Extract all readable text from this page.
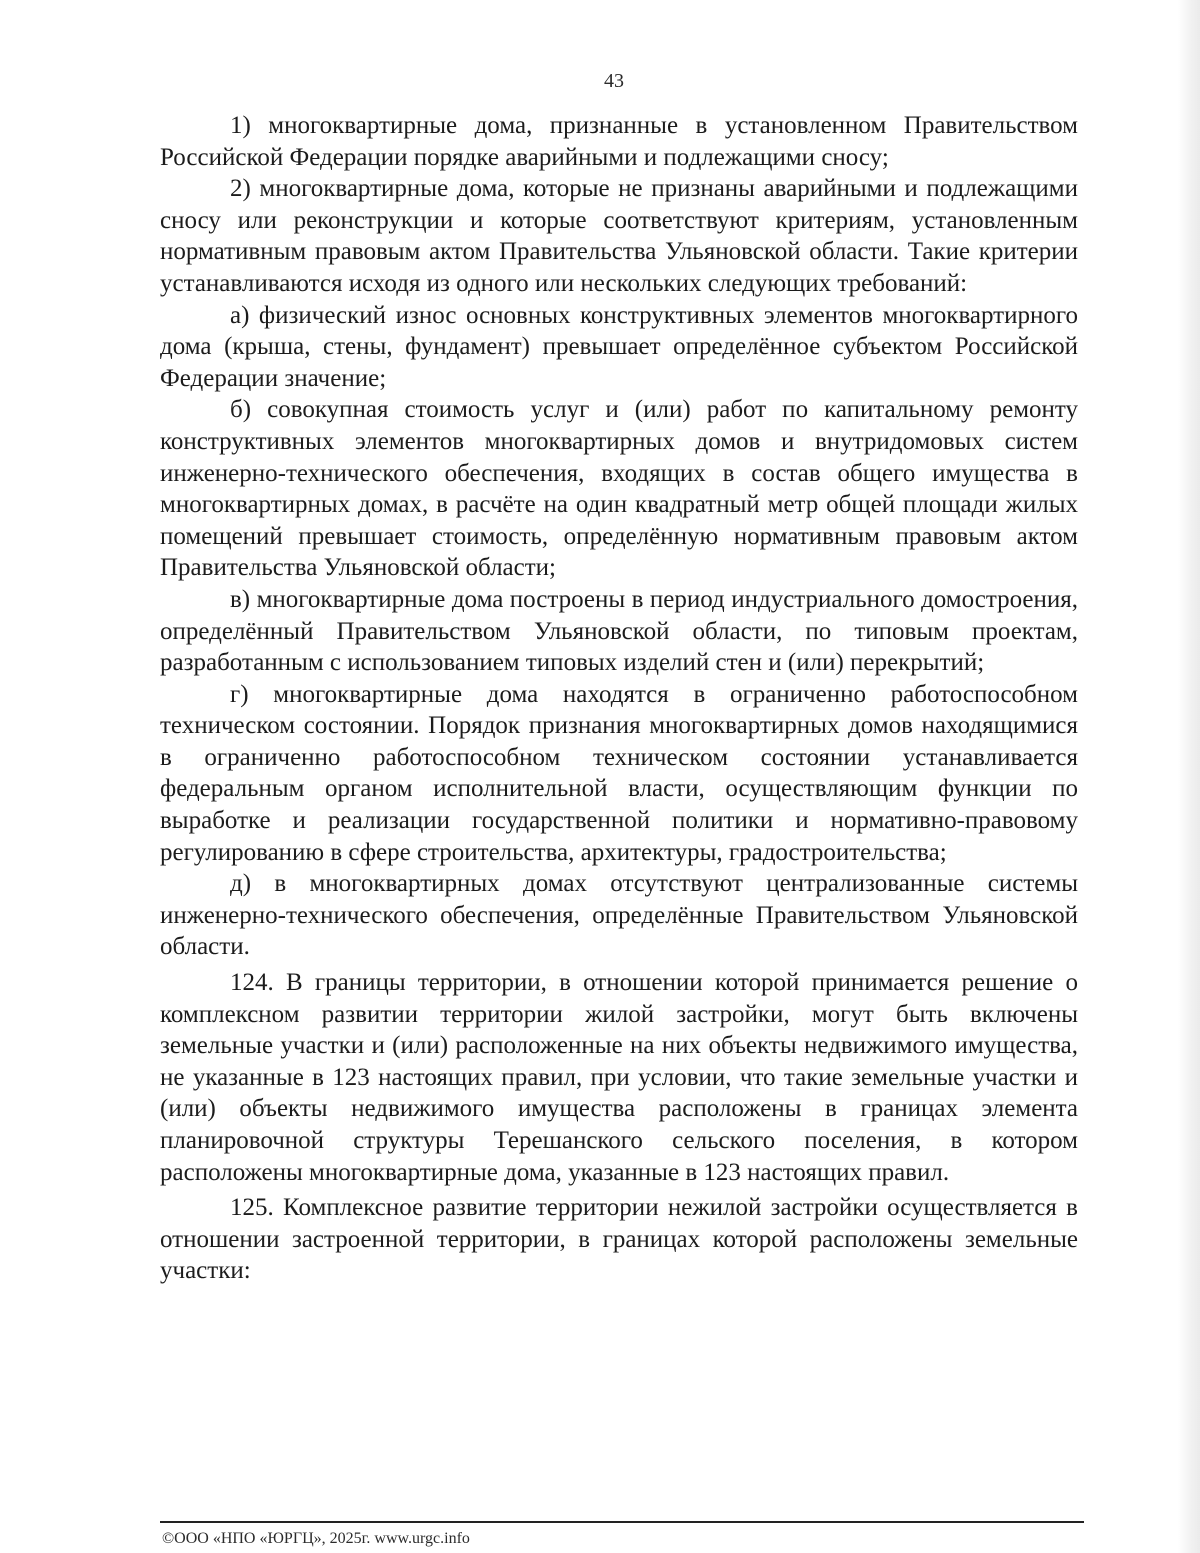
43

1) многоквартирные дома, признанные в установленном Правительством Российской Федерации порядке аварийными и подлежащими сносу;

2) многоквартирные дома, которые не признаны аварийными и подлежащими сносу или реконструкции и которые соответствуют критериям, установленным нормативным правовым актом Правительства Ульяновской области. Такие критерии устанавливаются исходя из одного или нескольких следующих требований:

а) физический износ основных конструктивных элементов многоквартирного дома (крыша, стены, фундамент) превышает определённое субъектом Российской Федерации значение;

б) совокупная стоимость услуг и (или) работ по капитальному ремонту конструктивных элементов многоквартирных домов и внутридомовых систем инженерно-технического обеспечения, входящих в состав общего имущества в многоквартирных домах, в расчёте на один квадратный метр общей площади жилых помещений превышает стоимость, определённую нормативным правовым актом Правительства Ульяновской области;

в) многоквартирные дома построены в период индустриального домостроения, определённый Правительством Ульяновской области, по типовым проектам, разработанным с использованием типовых изделий стен и (или) перекрытий;

г) многоквартирные дома находятся в ограниченно работоспособном техническом состоянии. Порядок признания многоквартирных домов находящимися в ограниченно работоспособном техническом состоянии устанавливается федеральным органом исполнительной власти, осуществляющим функции по выработке и реализации государственной политики и нормативно-правовому регулированию в сфере строительства, архитектуры, градостроительства;

д) в многоквартирных домах отсутствуют централизованные системы инженерно-технического обеспечения, определённые Правительством Ульяновской области.

124. В границы территории, в отношении которой принимается решение о комплексном развитии территории жилой застройки, могут быть включены земельные участки и (или) расположенные на них объекты недвижимого имущества, не указанные в 123 настоящих правил, при условии, что такие земельные участки и (или) объекты недвижимого имущества расположены в границах элемента планировочной структуры Терешанского сельского поселения, в котором расположены многоквартирные дома, указанные в 123 настоящих правил.

125. Комплексное развитие территории нежилой застройки осуществляется в отношении застроенной территории, в границах которой расположены земельные участки:

©ООО «НПО «ЮРГЦ», 2025г. www.urgc.info
